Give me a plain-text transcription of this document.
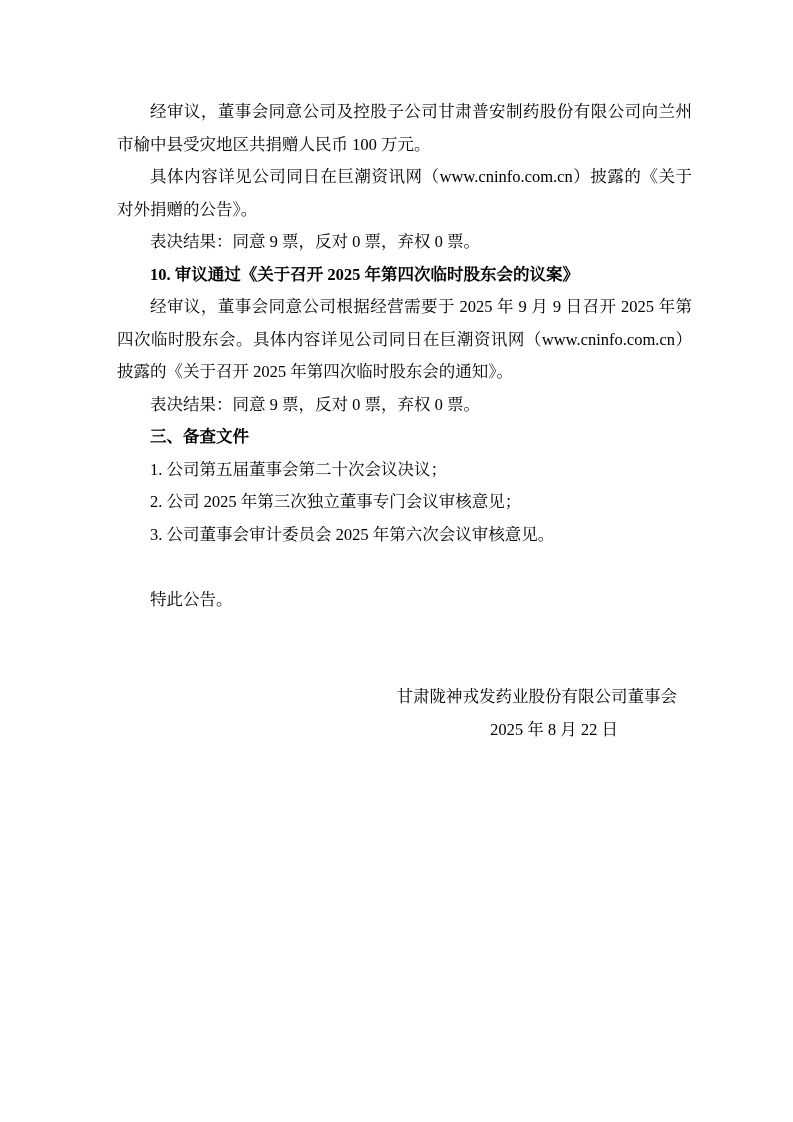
经审议，董事会同意公司及控股子公司甘肃普安制药股份有限公司向兰州市榆中县受灾地区共捐赠人民币 100 万元。

具体内容详见公司同日在巨潮资讯网（www.cninfo.com.cn）披露的《关于对外捐赠的公告》。

表决结果：同意 9 票，反对 0 票，弃权 0 票。

10. 审议通过《关于召开 2025 年第四次临时股东会的议案》

经审议，董事会同意公司根据经营需要于 2025 年 9 月 9 日召开 2025 年第四次临时股东会。具体内容详见公司同日在巨潮资讯网（www.cninfo.com.cn）披露的《关于召开 2025 年第四次临时股东会的通知》。

表决结果：同意 9 票，反对 0 票，弃权 0 票。

三、备查文件

1. 公司第五届董事会第二十次会议决议；

2. 公司 2025 年第三次独立董事专门会议审核意见；

3. 公司董事会审计委员会 2025 年第六次会议审核意见。

特此公告。

甘肃陇神戎发药业股份有限公司董事会

2025 年 8 月 22 日
